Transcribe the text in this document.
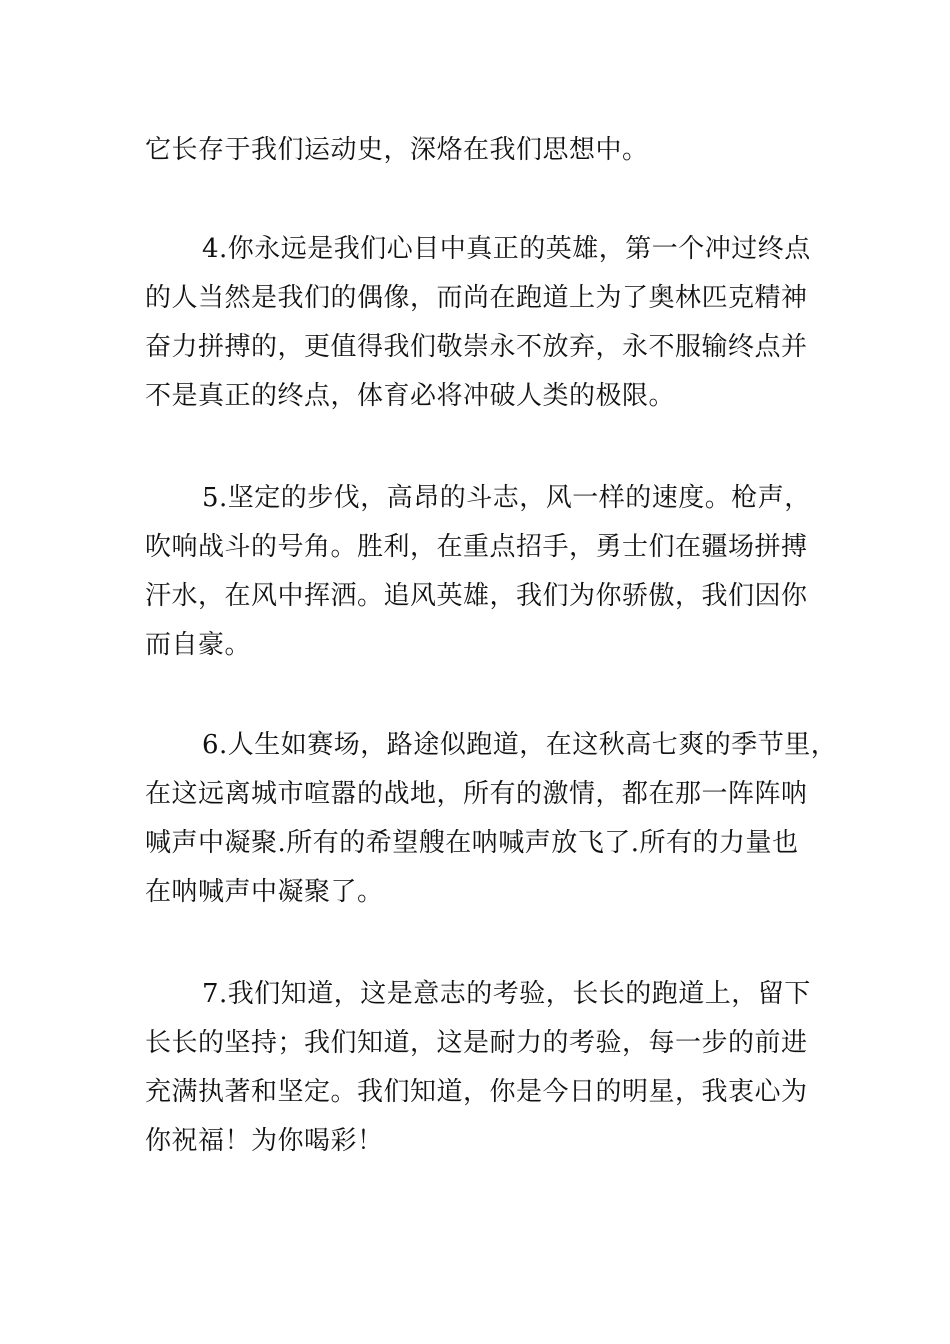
它长存于我们运动史，深烙在我们思想中。

4.你永远是我们心目中真正的英雄，第一个冲过终点
的人当然是我们的偶像，而尚在跑道上为了奥林匹克精神
奋力拼搏的，更值得我们敬崇永不放弃，永不服输终点并
不是真正的终点，体育必将冲破人类的极限。

5.坚定的步伐，高昂的斗志，风一样的速度。枪声，
吹响战斗的号角。胜利，在重点招手，勇士们在疆场拼搏
汗水，在风中挥洒。追风英雄，我们为你骄傲，我们因你
而自豪。

6.人生如赛场，路途似跑道，在这秋高七爽的季节里，
在这远离城市喧嚣的战地，所有的激情，都在那一阵阵呐
喊声中凝聚.所有的希望艘在呐喊声放飞了.所有的力量也
在呐喊声中凝聚了。

7.我们知道，这是意志的考验，长长的跑道上，留下
长长的坚持；我们知道，这是耐力的考验，每一步的前进
充满执著和坚定。我们知道，你是今日的明星，我衷心为
你祝福！为你喝彩！
